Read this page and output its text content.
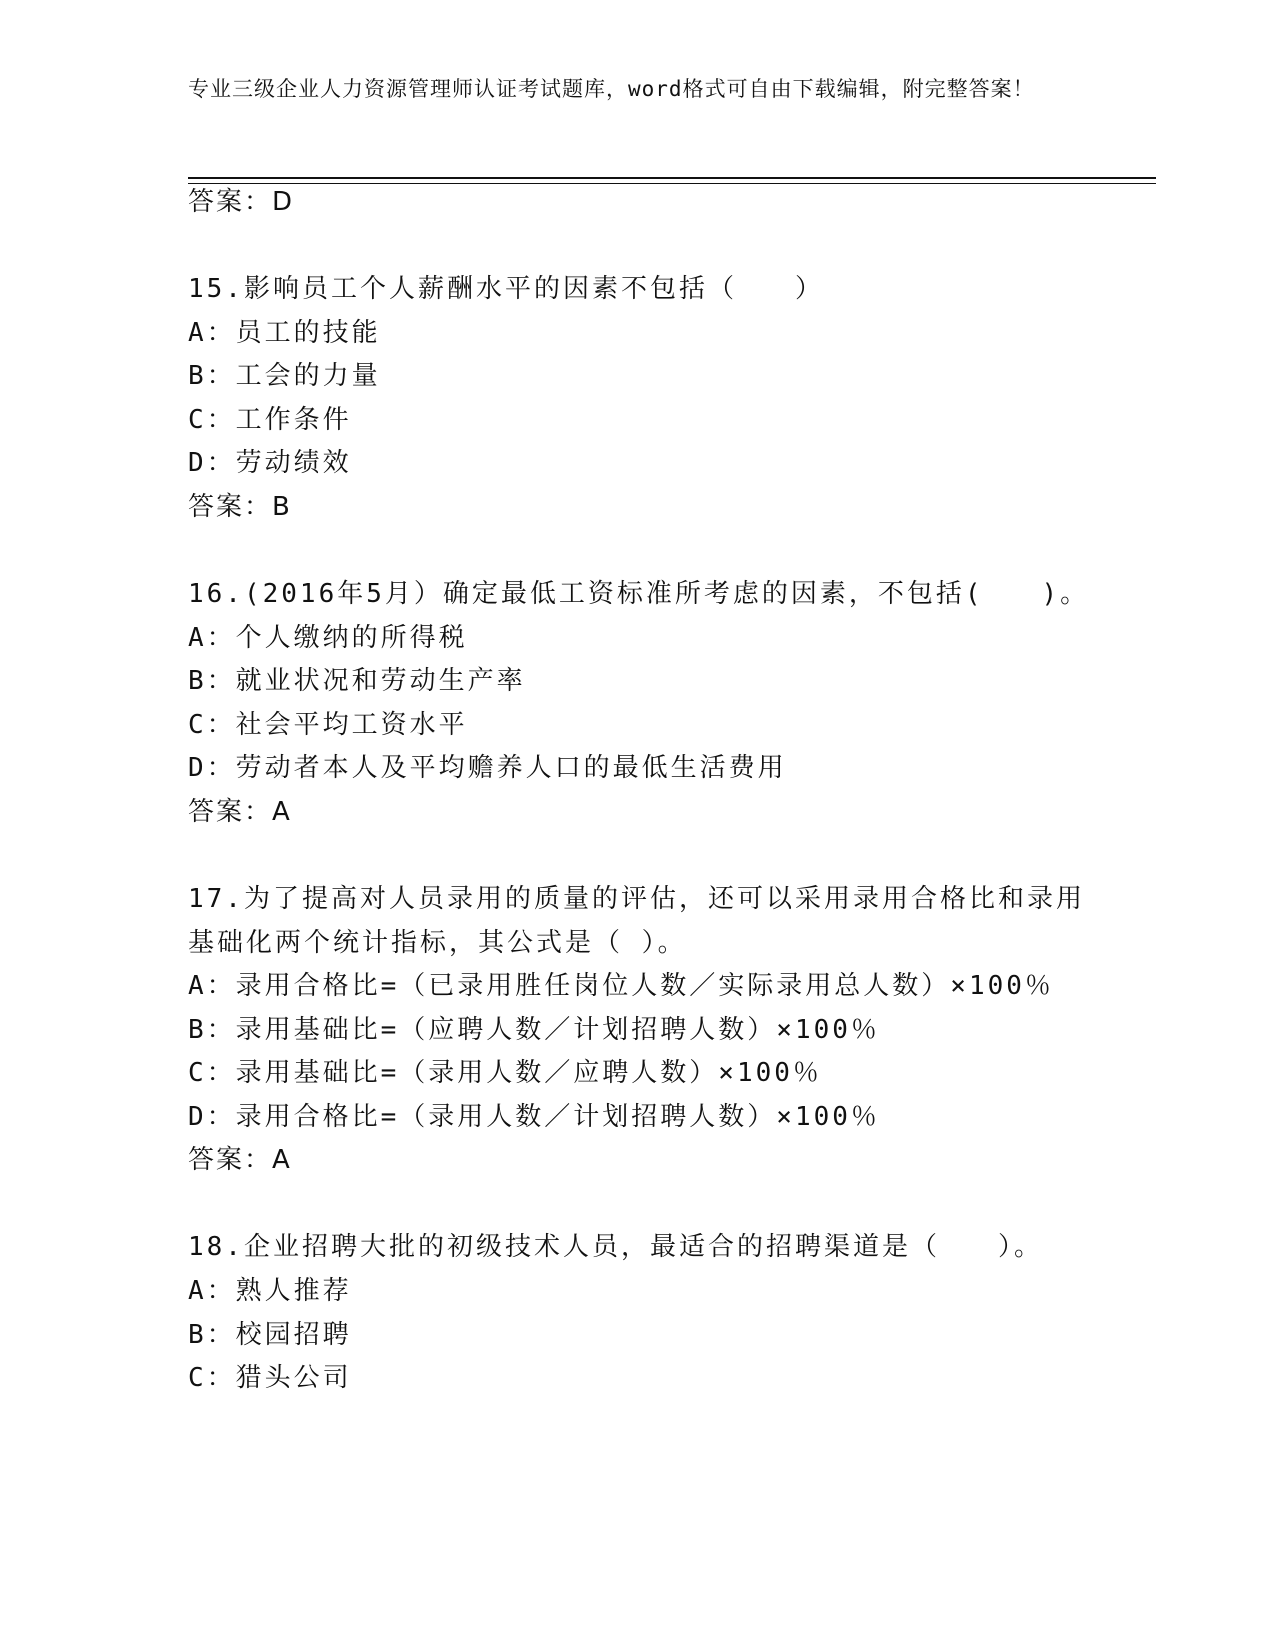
专业三级企业人力资源管理师认证考试题库，word格式可自由下载编辑，附完整答案！
答案：D
15.影响员工个人薪酬水平的因素不包括（　　）
A：员工的技能
B：工会的力量
C：工作条件
D：劳动绩效
答案：B
16.(2016年5月）确定最低工资标准所考虑的因素，不包括(　　)。
A：个人缴纳的所得税
B：就业状况和劳动生产率
C：社会平均工资水平
D：劳动者本人及平均赡养人口的最低生活费用
答案：A
17.为了提高对人员录用的质量的评估，还可以采用录用合格比和录用
基础化两个统计指标，其公式是（ ）。
A：录用合格比=（已录用胜任岗位人数／实际录用总人数）×100％
B：录用基础比=（应聘人数／计划招聘人数）×100％
C：录用基础比=（录用人数／应聘人数）×100％
D：录用合格比=（录用人数／计划招聘人数）×100％
答案：A
18.企业招聘大批的初级技术人员，最适合的招聘渠道是（　　）。
A：熟人推荐
B：校园招聘
C：猎头公司
